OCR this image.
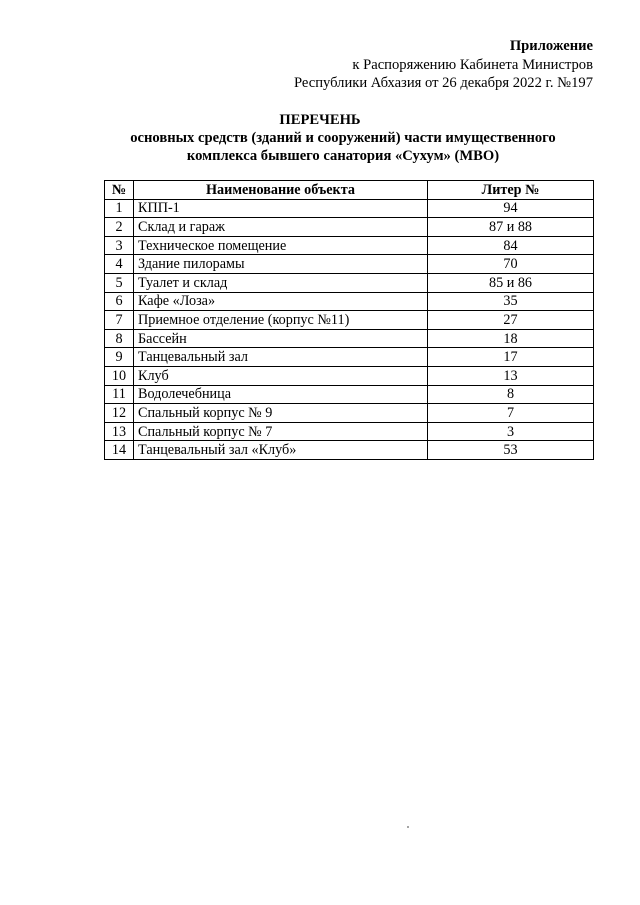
Приложение
к Распоряжению Кабинета Министров
Республики Абхазия от 26 декабря 2022 г. №197
ПЕРЕЧЕНЬ
основных средств (зданий и сооружений) части имущественного
комплекса бывшего санатория «Сухум» (МВО)
№	Наименование объекта	Литер №
1	КПП-1	94
2	Склад и гараж	87 и 88
3	Техническое помещение	84
4	Здание пилорамы	70
5	Туалет и склад	85 и 86
6	Кафе «Лоза»	35
7	Приемное отделение (корпус №11)	27
8	Бассейн	18
9	Танцевальный зал	17
10	Клуб	13
11	Водолечебница	8
12	Спальный корпус № 9	7
13	Спальный корпус № 7	3
14	Танцевальный зал «Клуб»	53
